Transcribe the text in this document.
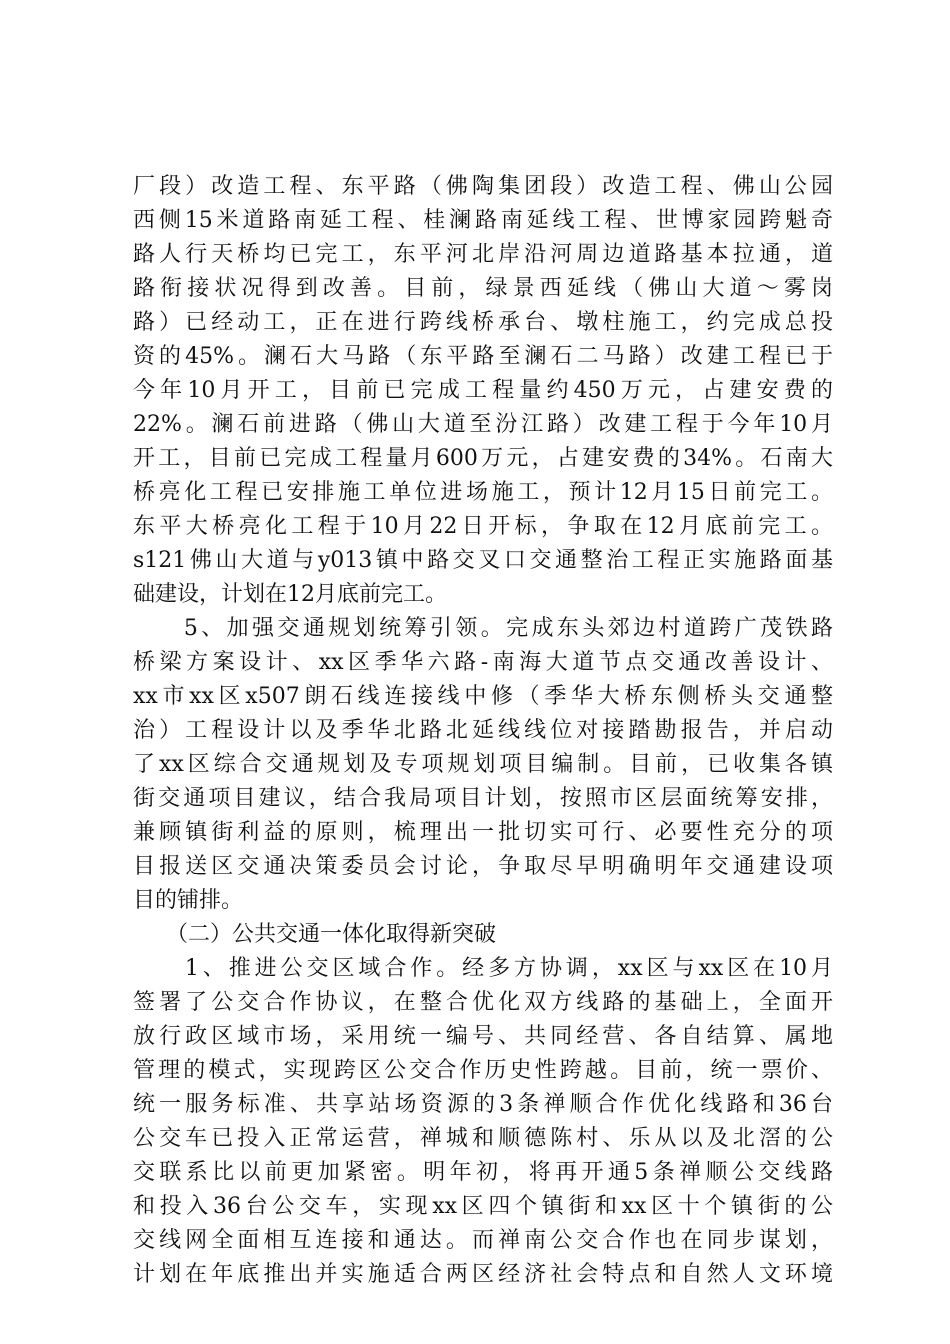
厂段）改造工程、东平路（佛陶集团段）改造工程、佛山公园
西侧15米道路南延工程、桂澜路南延线工程、世博家园跨魁奇
路人行天桥均已完工，东平河北岸沿河周边道路基本拉通，道
路衔接状况得到改善。目前，绿景西延线（佛山大道～雾岗
路）已经动工，正在进行跨线桥承台、墩柱施工，约完成总投
资的45%。澜石大马路（东平路至澜石二马路）改建工程已于
今年10月开工，目前已完成工程量约450万元，占建安费的
22%。澜石前进路（佛山大道至汾江路）改建工程于今年10月
开工，目前已完成工程量月600万元，占建安费的34%。石南大
桥亮化工程已安排施工单位进场施工，预计12月15日前完工。
东平大桥亮化工程于10月22日开标，争取在12月底前完工。
s121佛山大道与y013镇中路交叉口交通整治工程正实施路面基
础建设，计划在12月底前完工。
　　5、加强交通规划统筹引领。完成东头郊边村道跨广茂铁路
桥梁方案设计、xx区季华六路-南海大道节点交通改善设计、
xx市xx区x507朗石线连接线中修（季华大桥东侧桥头交通整
治）工程设计以及季华北路北延线线位对接踏勘报告，并启动
了xx区综合交通规划及专项规划项目编制。目前，已收集各镇
街交通项目建议，结合我局项目计划，按照市区层面统筹安排，
兼顾镇街利益的原则，梳理出一批切实可行、必要性充分的项
目报送区交通决策委员会讨论，争取尽早明确明年交通建设项
目的铺排。
　　（二）公共交通一体化取得新突破
　　1、推进公交区域合作。经多方协调，xx区与xx区在10月
签署了公交合作协议，在整合优化双方线路的基础上，全面开
放行政区域市场，采用统一编号、共同经营、各自结算、属地
管理的模式，实现跨区公交合作历史性跨越。目前，统一票价、
统一服务标准、共享站场资源的3条禅顺合作优化线路和36台
公交车已投入正常运营，禅城和顺德陈村、乐从以及北滘的公
交联系比以前更加紧密。明年初，将再开通5条禅顺公交线路
和投入36台公交车，实现xx区四个镇街和xx区十个镇街的公
交线网全面相互连接和通达。而禅南公交合作也在同步谋划，
计划在年底推出并实施适合两区经济社会特点和自然人文环境
